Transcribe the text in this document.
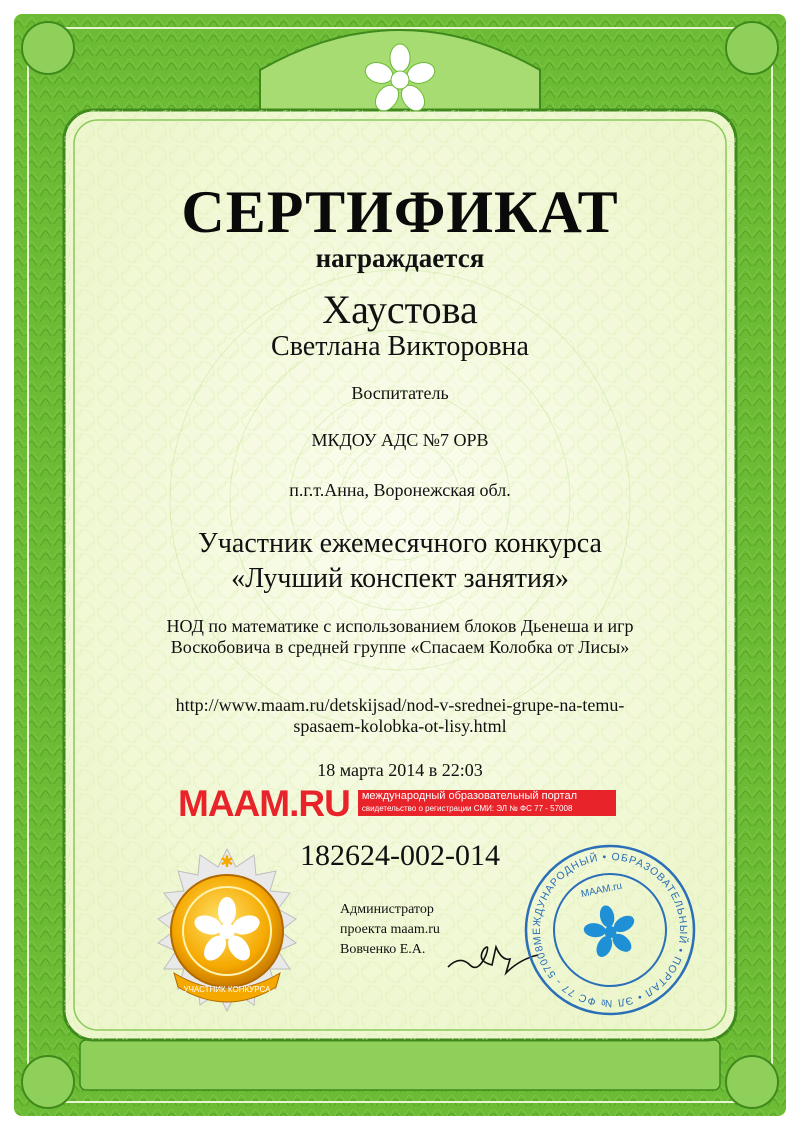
СЕРТИФИКАТ
награждается
Хаустова
Светлана Викторовна
Воспитатель
МКДОУ АДС №7 ОРВ
п.г.т.Анна, Воронежская обл.
Участник ежемесячного конкурса
«Лучший конспект занятия»
НОД по математике с использованием блоков Дьенеша и игр
Воскобовича в средней группе «Спасаем Колобка от Лисы»
http://www.maam.ru/detskijsad/nod-v-srednei-grupe-na-temu-
spasaem-kolobka-ot-lisy.html
18 марта 2014 в 22:03
MAAM.RU международный образовательный портал
свидетельство о регистрации СМИ: ЭЛ № ФС 77 - 57008
182624-002-014
✱
УЧАСТНИК КОНКУРСА
Администратор
проекта maam.ru
Вовченко Е.А.
МЕЖДУНАРОДНЫЙ • ОБРАЗОВАТЕЛЬНЫЙ • ПОРТАЛ • ЭЛ № ФС 77 - 57008
MAAM.ru
